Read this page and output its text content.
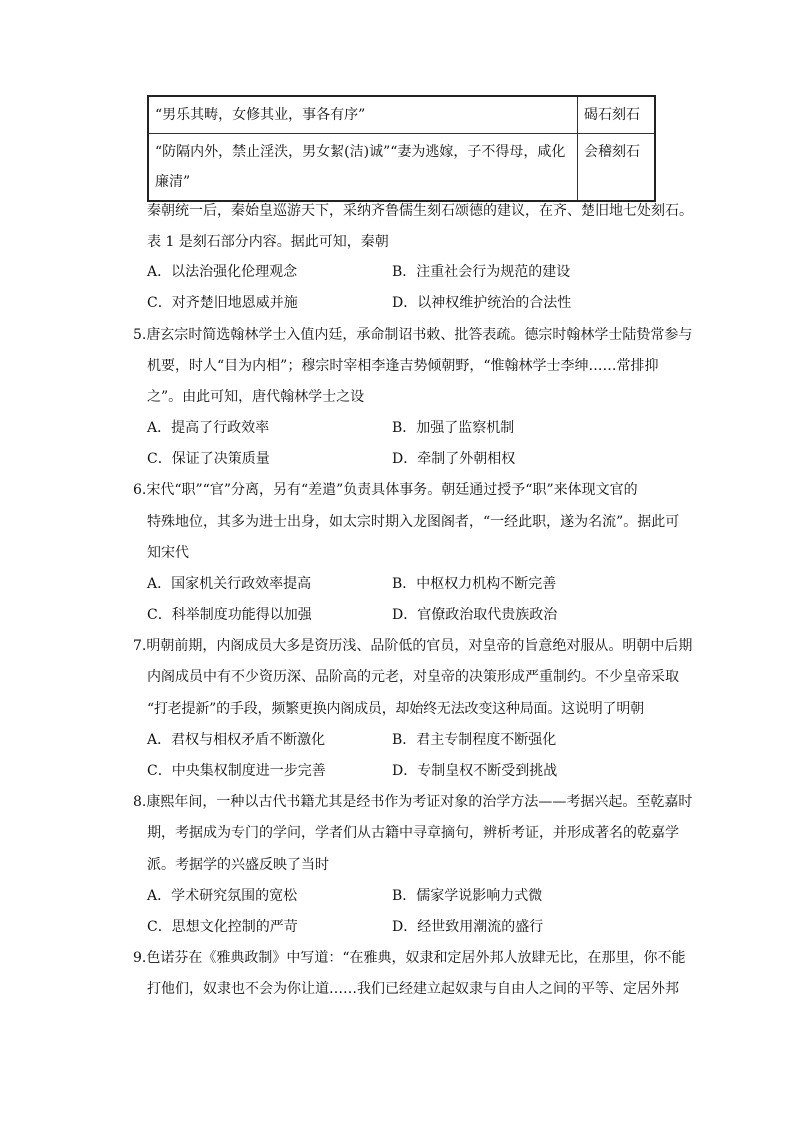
“男乐其畴，女修其业，事各有序”	碣石刻石
“防隔内外，禁止淫泆，男女絜(洁)诚”“妻为逃嫁，子不得母，咸化廉清”	会稽刻石
秦朝统一后，秦始皇巡游天下，采纳齐鲁儒生刻石颂德的建议，在齐、楚旧地七处刻石。
表 1 是刻石部分内容。据此可知，秦朝
A．以法治强化伦理观念	B．注重社会行为规范的建设
C．对齐楚旧地恩威并施	D．以神权维护统治的合法性
5.唐玄宗时简选翰林学士入值内廷，承命制诏书敕、批答表疏。德宗时翰林学士陆贽常参与
机要，时人“目为内相”；穆宗时宰相李逢吉势倾朝野，“惟翰林学士李绅……常排抑
之”。由此可知，唐代翰林学士之设
A．提高了行政效率	B．加强了监察机制
C．保证了决策质量	D．牵制了外朝相权
6.宋代“职”“官”分离，另有“差遣”负责具体事务。朝廷通过授予“职”来体现文官的
特殊地位，其多为进士出身，如太宗时期入龙图阁者，“一经此职，遂为名流”。据此可
知宋代
A．国家机关行政效率提高	B．中枢权力机构不断完善
C．科举制度功能得以加强	D．官僚政治取代贵族政治
7.明朝前期，内阁成员大多是资历浅、品阶低的官员，对皇帝的旨意绝对服从。明朝中后期
内阁成员中有不少资历深、品阶高的元老，对皇帝的决策形成严重制约。不少皇帝采取
“打老提新”的手段，频繁更换内阁成员，却始终无法改变这种局面。这说明了明朝
A．君权与相权矛盾不断激化	B．君主专制程度不断强化
C．中央集权制度进一步完善	D．专制皇权不断受到挑战
8.康熙年间，一种以古代书籍尤其是经书作为考证对象的治学方法——考据兴起。至乾嘉时
期，考据成为专门的学问，学者们从古籍中寻章摘句，辨析考证，并形成著名的乾嘉学
派。考据学的兴盛反映了当时
A．学术研究氛围的宽松	B．儒家学说影响力式微
C．思想文化控制的严苛	D．经世致用潮流的盛行
9.色诺芬在《雅典政制》中写道：“在雅典，奴隶和定居外邦人放肆无比，在那里，你不能
打他们，奴隶也不会为你让道……我们已经建立起奴隶与自由人之间的平等、定居外邦
